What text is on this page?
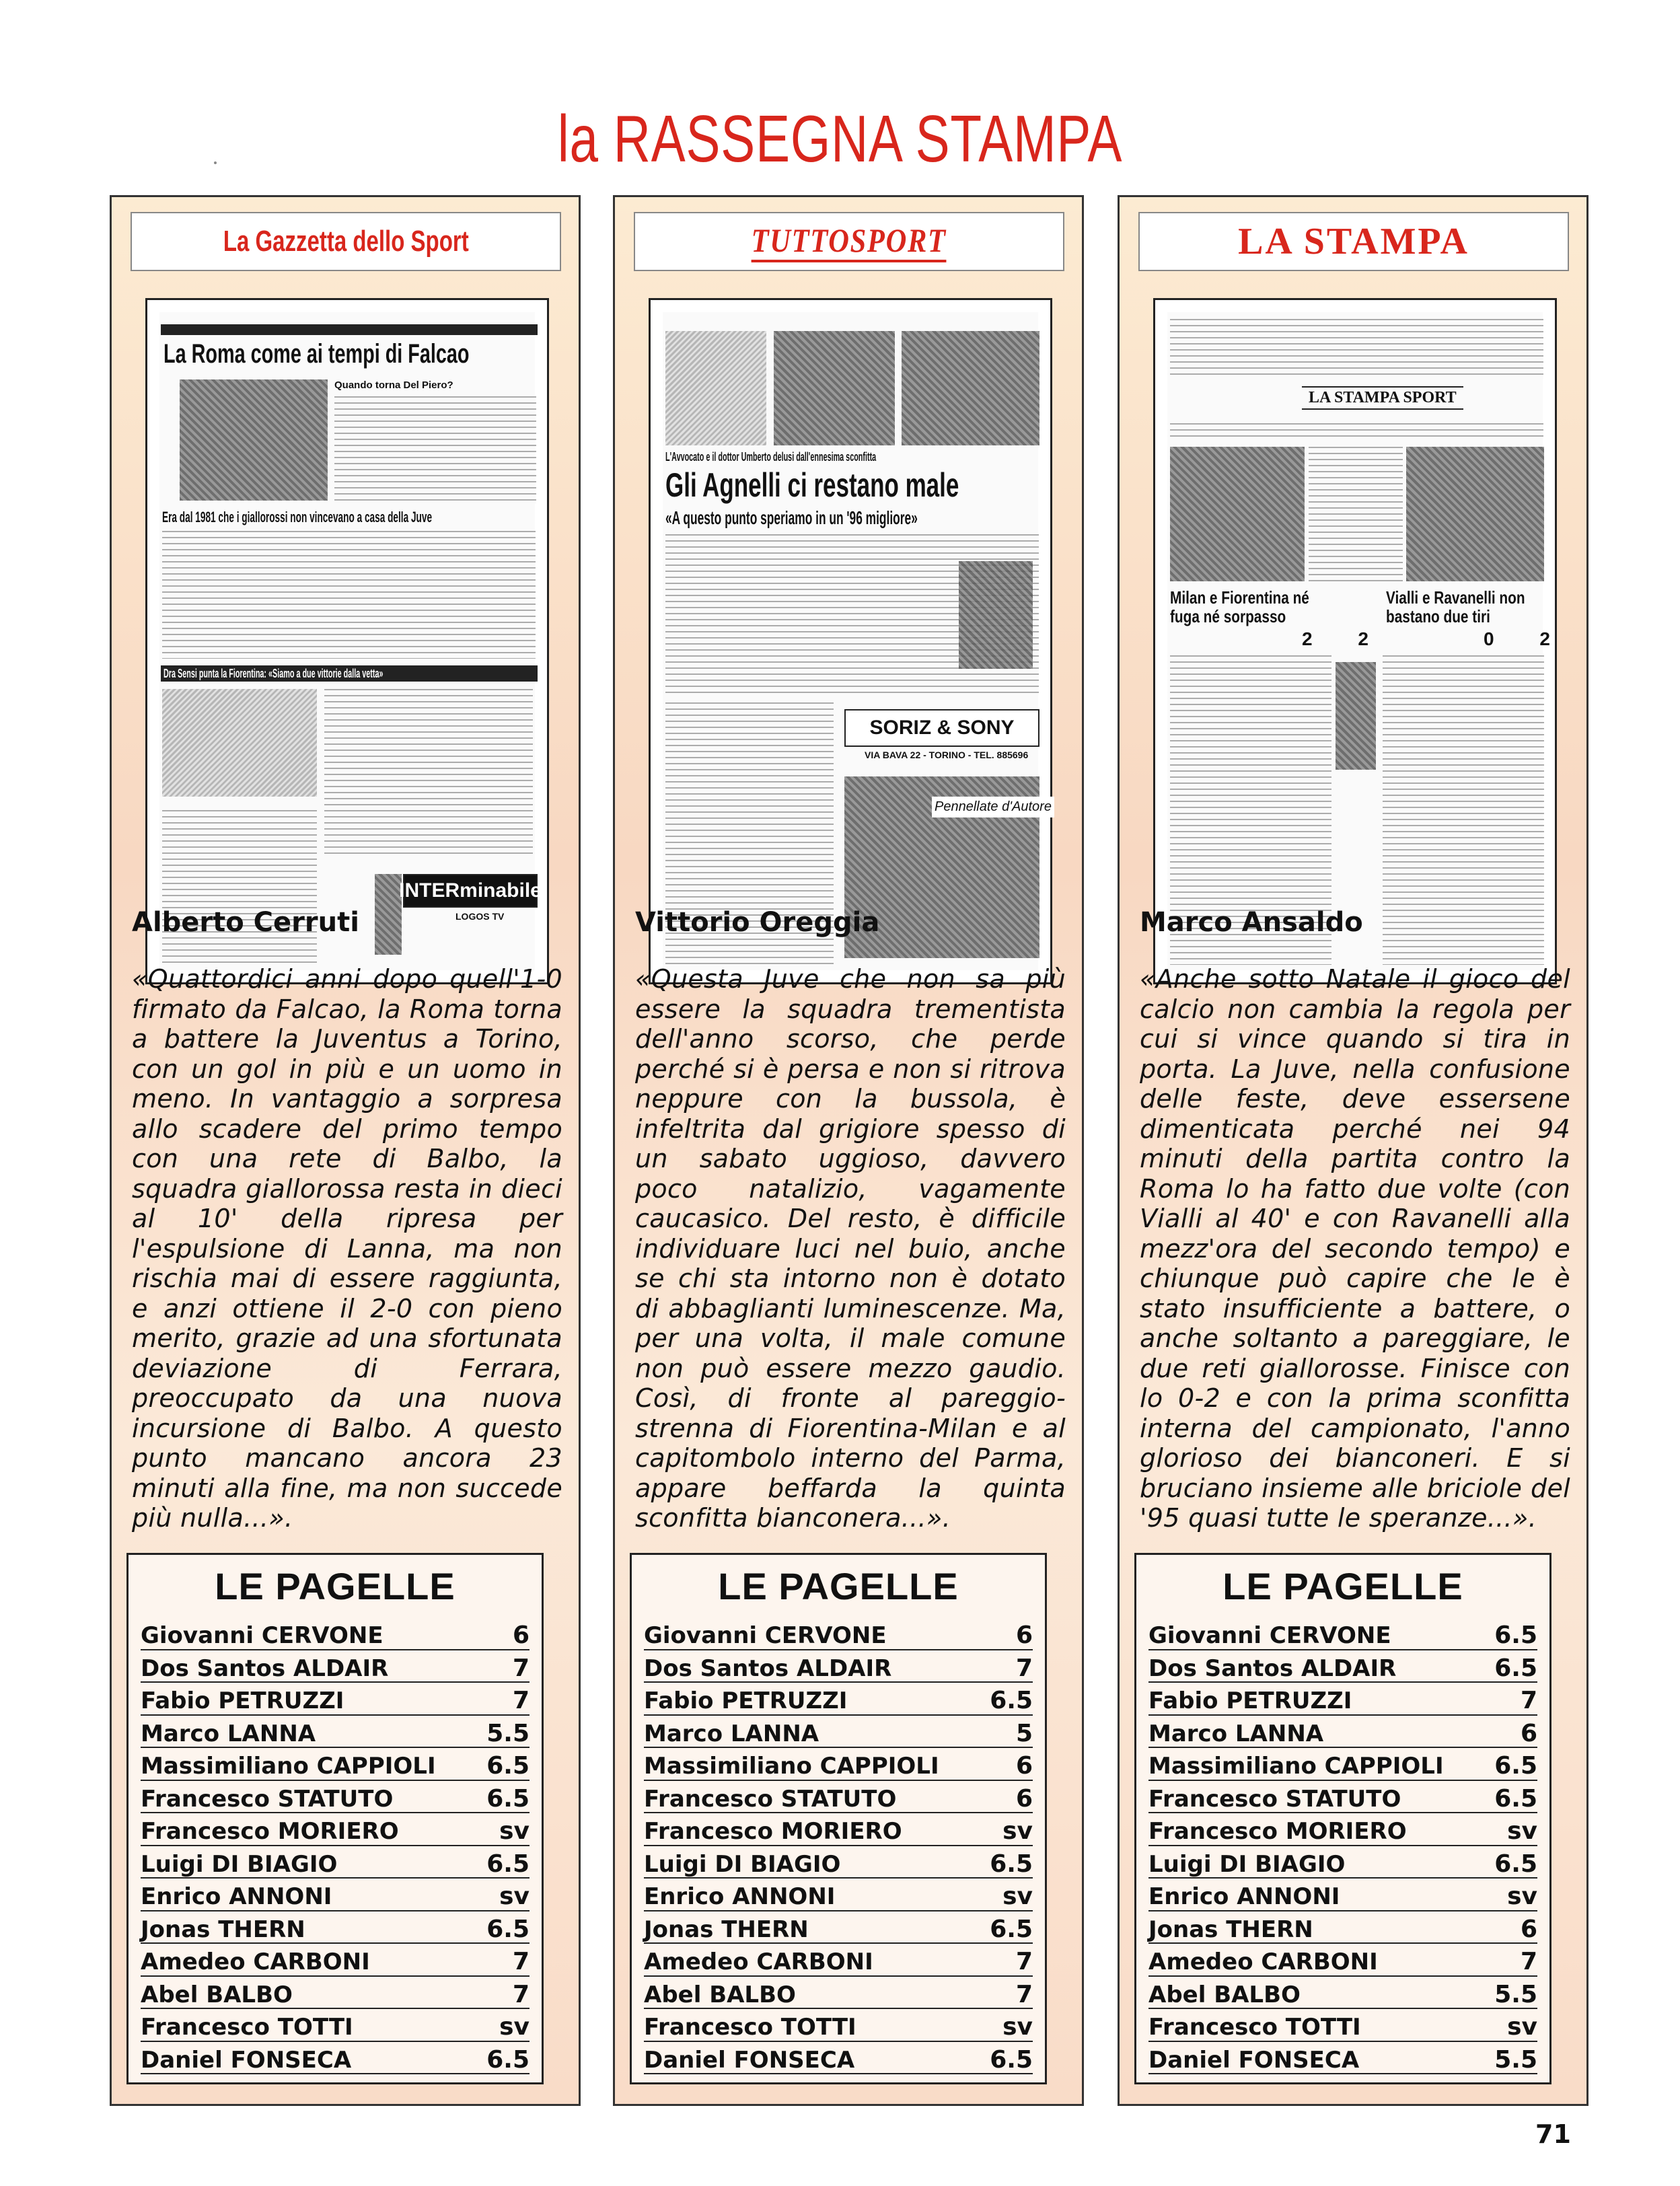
la RASSEGNA STAMPA
La Gazzetta dello Sport
La Roma come ai tempi di Falcao
Quando torna Del Piero?
Era dal 1981 che i giallorossi non vincevano a casa della Juve
Dra Sensi punta la Fiorentina: «Siamo a due vittorie dalla vetta»
INTERminabile
LOGOS TV
Alberto Cerruti
«Quattordici anni dopo quell'1-0 firmato da Falcao, la Roma torna a battere la Juventus a Torino, con un gol in più e un uomo in meno. In vantaggio a sorpresa allo scadere del primo tempo con una rete di Balbo, la squadra giallorossa resta in dieci al 10' della ripresa per l'espulsione di Lanna, ma non rischia mai di essere raggiunta, e anzi ottiene il 2-0 con pieno merito, grazie ad una sfortunata deviazione di Ferrara, preoccupato da una nuova incursione di Balbo. A questo punto mancano ancora 23 minuti alla fine, ma non succede più nulla...».
LE PAGELLE
Giovanni CERVONE	6
Dos Santos ALDAIR	7
Fabio PETRUZZI	7
Marco LANNA	5.5
Massimiliano CAPPIOLI 6.5
Francesco STATUTO	6.5
Francesco MORIERO	sv
Luigi DI BIAGIO	6.5
Enrico ANNONI	sv
Jonas THERN	6.5
Amedeo CARBONI	7
Abel BALBO	7
Francesco TOTTI	sv
Daniel FONSECA	6.5
TUTTOSPORT
L'Avvocato e il dottor Umberto delusi dall'ennesima sconfitta
Gli Agnelli ci restano male
«A questo punto speriamo in un '96 migliore»
SORIZ & SONY
VIA BAVA 22 - TORINO - TEL. 885696
Pennellate d'Autore
Vittorio Oreggia
«Questa Juve che non sa più essere la squadra trementista dell'anno scorso, che perde perché si è persa e non si ritrova neppure con la bussola, è infeltrita dal grigiore spesso di un sabato uggioso, davvero poco natalizio, vagamente caucasico. Del resto, è difficile individuare luci nel buio, anche se chi sta intorno non è dotato di abbaglianti luminescenze. Ma, per una volta, il male comune non può essere mezzo gaudio. Così, di fronte al pareggio-strenna di Fiorentina-Milan e al capitombolo interno del Parma, appare beffarda la quinta sconfitta bianconera...».
LE PAGELLE
Giovanni CERVONE	6
Dos Santos ALDAIR	7
Fabio PETRUZZI	6.5
Marco LANNA	5
Massimiliano CAPPIOLI	6
Francesco STATUTO	6
Francesco MORIERO	sv
Luigi DI BIAGIO	6.5
Enrico ANNONI	sv
Jonas THERN	6.5
Amedeo CARBONI	7
Abel BALBO	7
Francesco TOTTI	sv
Daniel FONSECA	6.5
LA STAMPA
LA STAMPA SPORT
Milan e Fiorentina né fuga né sorpasso
Vialli e Ravanelli non bastano due tiri
2 2	0 2
Marco Ansaldo
«Anche sotto Natale il gioco del calcio non cambia la regola per cui si vince quando si tira in porta. La Juve, nella confusione delle feste, deve essersene dimenticata perché nei 94 minuti della partita contro la Roma lo ha fatto due volte (con Vialli al 40' e con Ravanelli alla mezz'ora del secondo tempo) e chiunque può capire che le è stato insufficiente a battere, o anche soltanto a pareggiare, le due reti giallorosse. Finisce con lo 0-2 e con la prima sconfitta interna del campionato, l'anno glorioso dei bianconeri. E si bruciano insieme alle briciole del '95 quasi tutte le speranze...».
LE PAGELLE
Giovanni CERVONE	6.5
Dos Santos ALDAIR	6.5
Fabio PETRUZZI	7
Marco LANNA	6
Massimiliano CAPPIOLI 6.5
Francesco STATUTO	6.5
Francesco MORIERO	sv
Luigi DI BIAGIO	6.5
Enrico ANNONI	sv
Jonas THERN	6
Amedeo CARBONI	7
Abel BALBO	5.5
Francesco TOTTI	sv
Daniel FONSECA	5.5
71
